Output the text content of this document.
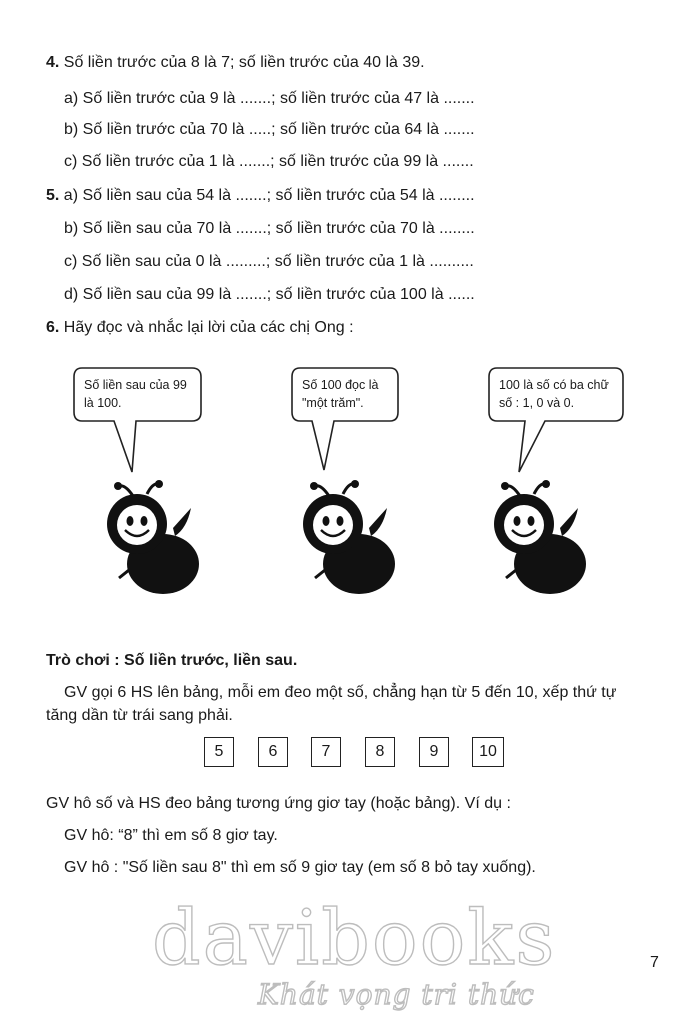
4. Số liền trước của 8 là 7; số liền trước của 40 là 39.
a) Số liền trước của 9 là .......; số liền trước của 47 là .......
b) Số liền trước của 70 là .....; số liền trước của 64 là .......
c) Số liền trước của 1 là .......; số liền trước của 99 là .......
5. a) Số liền sau của 54 là .......; số liền trước của 54 là ........
b) Số liền sau của 70 là .......; số liền trước của 70 là ........
c) Số liền sau của 0 là .........; số liền trước của 1 là ..........
d) Số liền sau của 99 là .......; số liền trước của 100 là ......
6. Hãy đọc và nhắc lại lời của các chị Ong :
Số liền sau của 99
là 100.
Số 100 đọc là
"một trăm".
100 là số có ba chữ
số : 1, 0 và 0.
Trò chơi : Số liền trước, liền sau.
GV gọi 6 HS lên bảng, mỗi em đeo một số, chẳng hạn từ 5 đến 10, xếp thứ tự
tăng dần từ trái sang phải.
5	6	7	8	9	10
GV hô số và HS đeo bảng tương ứng giơ tay (hoặc bảng). Ví dụ :
GV hô: “8” thì em số 8 giơ tay.
GV hô : "Số liền sau 8" thì em số 9 giơ tay (em số 8 bỏ tay xuống).
davibooks
Khát vọng tri thức
7
